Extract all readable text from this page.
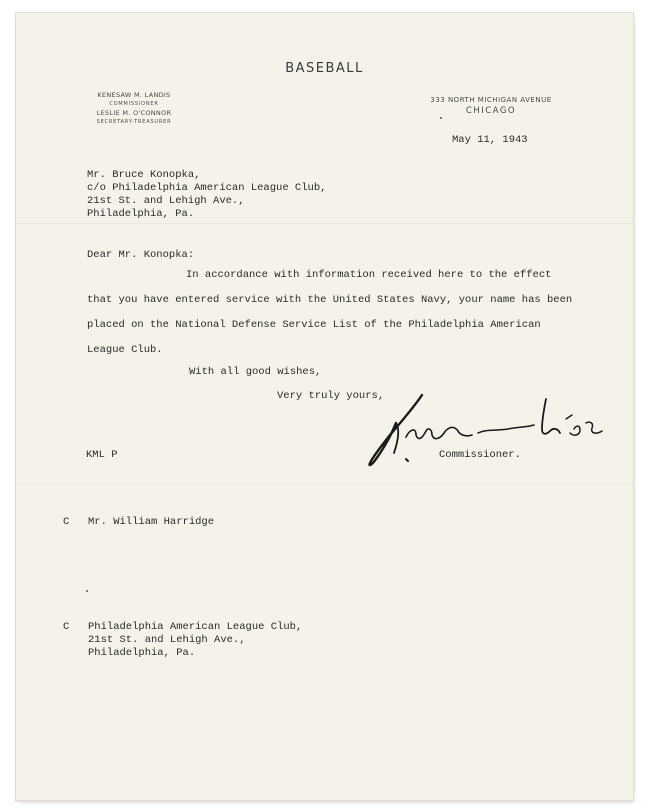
BASEBALL
KENESAW M. LANDIS
COMMISSIONER
LESLIE M. O'CONNOR
SECRETARY-TREASURER
333 NORTH MICHIGAN AVENUE
CHICAGO
May 11, 1943
Mr. Bruce Konopka,
c/o Philadelphia American League Club,
21st St. and Lehigh Ave.,
Philadelphia, Pa.
Dear Mr. Konopka:
In accordance with information received here to the effect
that you have entered service with the United States Navy, your name has been
placed on the National Defense Service List of the Philadelphia American
League Club.
With all good wishes,
Very truly yours,
KML P	Commissioner.
C Mr. William Harridge
C Philadelphia American League Club,
21st St. and Lehigh Ave.,
Philadelphia, Pa.
